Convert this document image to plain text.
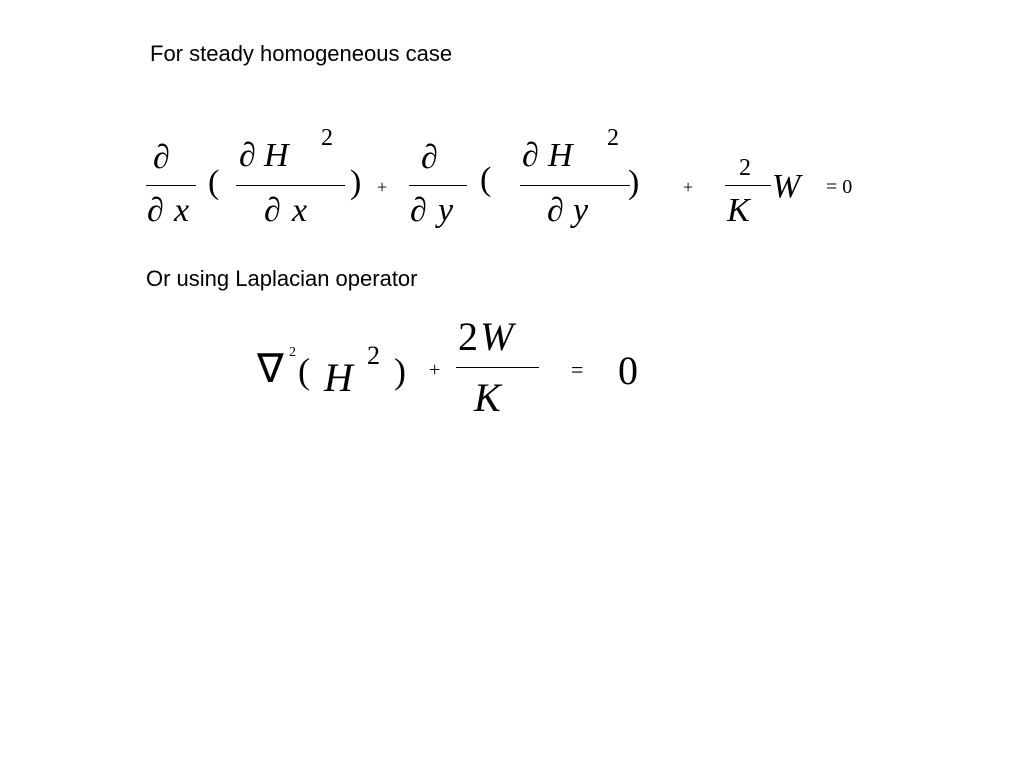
For steady homogeneous case
Or using Laplacian operator
∂
∂ x
(
∂ H 2
∂ x
) +
∂
∂ y
(
∂ H 2
∂ y
) +
2
K
W = 0
∇ 2 ( H 2 ) +
2 W
K
= 0
